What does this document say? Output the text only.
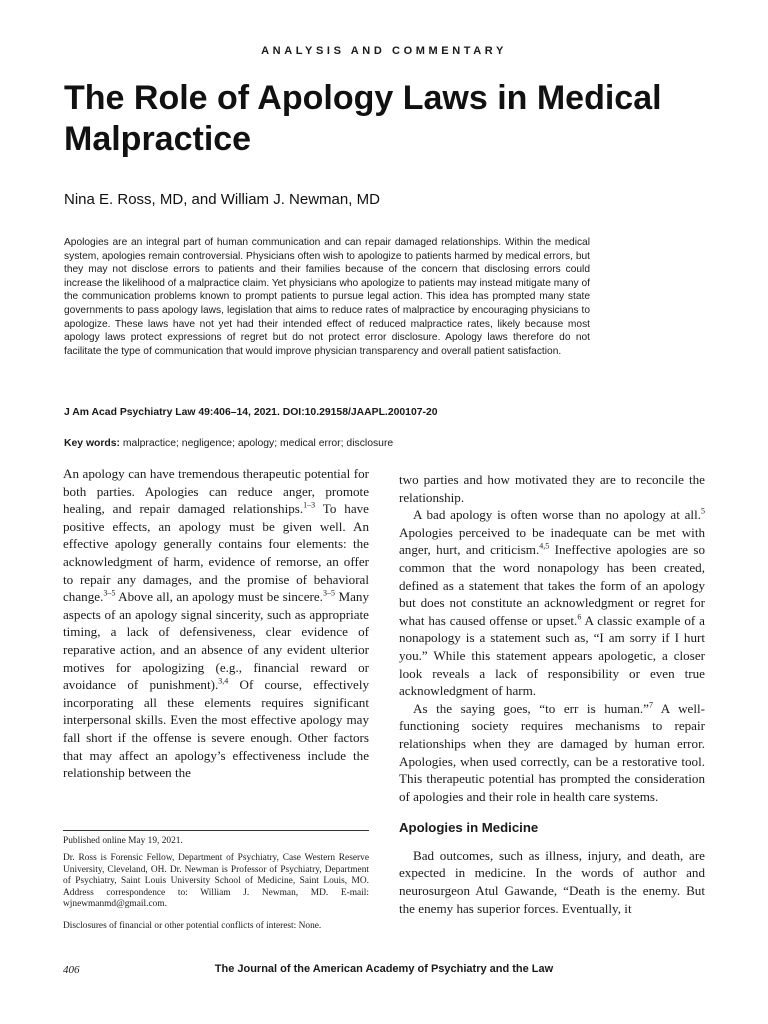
ANALYSIS AND COMMENTARY
The Role of Apology Laws in Medical Malpractice
Nina E. Ross, MD, and William J. Newman, MD

Apologies are an integral part of human communication and can repair damaged relationships. Within the medical system, apologies remain controversial. Physicians often wish to apologize to patients harmed by medical errors, but they may not disclose errors to patients and their families because of the concern that disclosing errors could increase the likelihood of a malpractice claim. Yet physicians who apologize to patients may instead mitigate many of the communication problems known to prompt patients to pursue legal action. This idea has prompted many state governments to pass apology laws, legislation that aims to reduce rates of malpractice by encouraging physicians to apologize. These laws have not yet had their intended effect of reduced malpractice rates, likely because most apology laws protect expressions of regret but do not protect error disclosure. Apology laws therefore do not facilitate the type of communication that would improve physician transparency and overall patient satisfaction.

J Am Acad Psychiatry Law 49:406–14, 2021. DOI:10.29158/JAAPL.200107-20
Key words: malpractice; negligence; apology; medical error; disclosure

An apology can have tremendous therapeutic potential for both parties. Apologies can reduce anger, promote healing, and repair damaged relationships.$^{1-3}$ To have positive effects, an apology must be given well. An effective apology generally contains four elements: the acknowledgment of harm, evidence of remorse, an offer to repair any damages, and the promise of behavioral change.$^{3-5}$ Above all, an apology must be sincere.$^{3-5}$ Many aspects of an apology signal sincerity, such as appropriate timing, a lack of defensiveness, clear evidence of reparative action, and an absence of any evident ulterior motives for apologizing (e.g., financial reward or avoidance of punishment).$^{3,4}$ Of course, effectively incorporating all these elements requires significant interpersonal skills. Even the most effective apology may fall short if the offense is severe enough. Other factors that may affect an apology’s effectiveness include the relationship between the

Published online May 19, 2021.

Dr. Ross is Forensic Fellow, Department of Psychiatry, Case Western Reserve University, Cleveland, OH. Dr. Newman is Professor of Psychiatry, Department of Psychiatry, Saint Louis University School of Medicine, Saint Louis, MO. Address correspondence to: William J. Newman, MD. E-mail: wjnewmanmd@gmail.com.

Disclosures of financial or other potential conflicts of interest: None.

two parties and how motivated they are to reconcile the relationship.

A bad apology is often worse than no apology at all.$^5$ Apologies perceived to be inadequate can be met with anger, hurt, and criticism.$^{4,5}$ Ineffective apologies are so common that the word nonapology has been created, defined as a statement that takes the form of an apology but does not constitute an acknowledgment or regret for what has caused offense or upset.$^6$ A classic example of a nonapology is a statement such as, “I am sorry if I hurt you.” While this statement appears apologetic, a closer look reveals a lack of responsibility or even true acknowledgment of harm.

As the saying goes, “to err is human.”$^7$ A well-functioning society requires mechanisms to repair relationships when they are damaged by human error. Apologies, when used correctly, can be a restorative tool. This therapeutic potential has prompted the consideration of apologies and their role in health care systems.

Apologies in Medicine

Bad outcomes, such as illness, injury, and death, are expected in medicine. In the words of author and neurosurgeon Atul Gawande, “Death is the enemy. But the enemy has superior forces. Eventually, it

406	The Journal of the American Academy of Psychiatry and the Law
